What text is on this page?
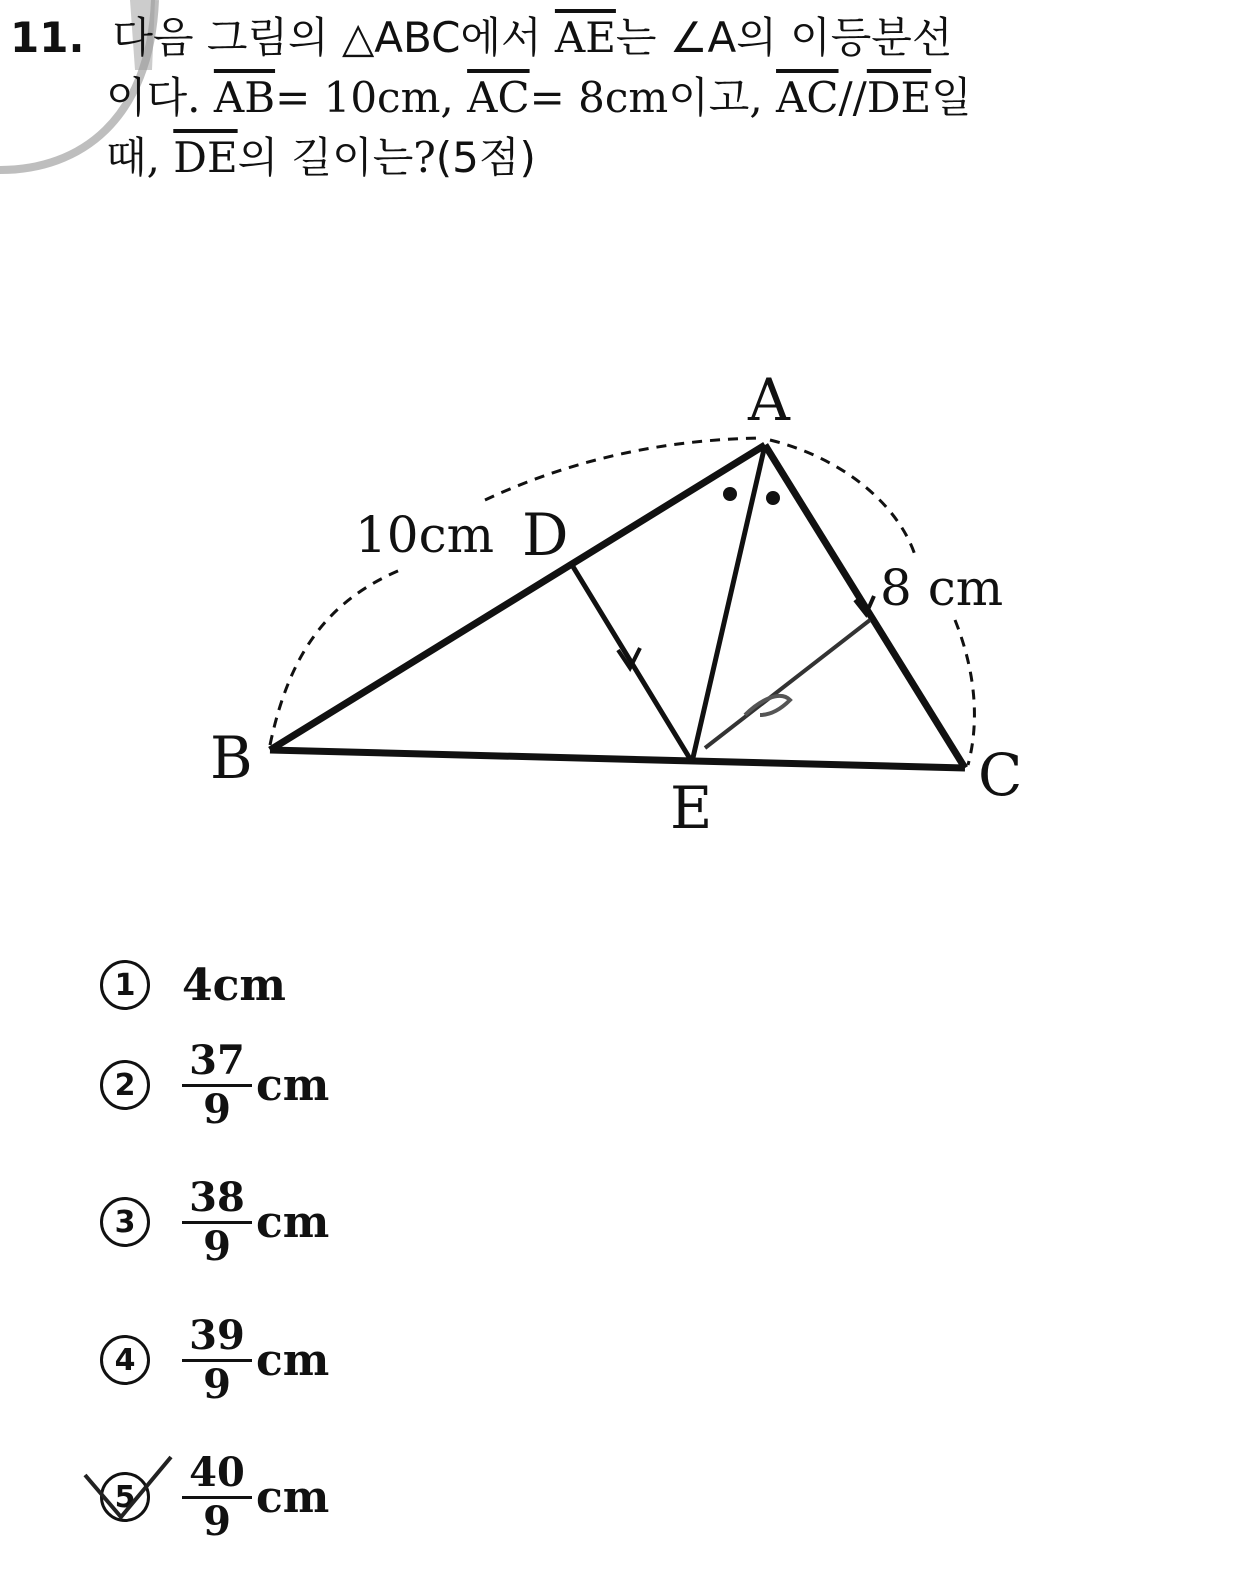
11. 다음 그림의 △ABC에서 $\overline{AE}$는 ∠A의 이등분선
이다. $\overline{AB}= 10cm$, $\overline{AC}= 8cm$이고, $\overline{AC}//\overline{DE}$일
때, $\overline{DE}$의 길이는?(5점)
A
B	C
D
E
10cm
8 cm
1	4cm
2	$\frac{37}{9}$ cm
3	$\frac{38}{9}$ cm
4	$\frac{39}{9}$ cm
5	$\frac{40}{9}$ cm
